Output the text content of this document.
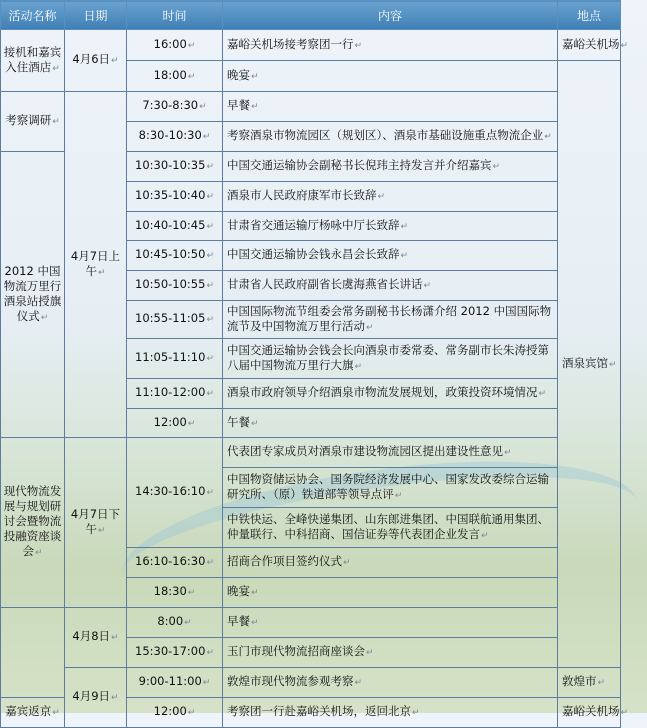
活动名称	日期	时间	内容	地点	
接机和嘉宾入住酒店↵	4月6日↵	16:00↵	嘉峪关机场接考察团一行↵	嘉峪关机场↵	
		18:00↵	晚宴↵	酒泉宾馆↵	
考察调研↵	4月7日上午↵	7:30-8:30↵	早餐↵		
		8:30-10:30↵	考察酒泉市物流园区（规划区）、酒泉市基础设施重点物流企业↵		
2012 中国物流万里行酒泉站授旗仪式↵		10:30-10:35↵	中国交通运输协会副秘书长倪玮主持发言并介绍嘉宾↵		
		10:35-10:40↵	酒泉市人民政府康军市长致辞↵		
		10:40-10:45↵	甘肃省交通运输厅杨咏中厅长致辞↵		
		10:45-10:50↵	中国交通运输协会钱永昌会长致辞↵		
		10:50-10:55↵	甘肃省人民政府副省长虞海燕省长讲话↵		
		10:55-11:05↵	中国国际物流节组委会常务副秘书长杨潇介绍 2012 中国国际物流节及中国物流万里行活动↵		
		11:05-11:10↵	中国交通运输协会钱会长向酒泉市委常委、常务副市长朱涛授第八届中国物流万里行大旗↵		
		11:10-12:00↵	酒泉市政府领导介绍酒泉市物流发展规划，政策投资环境情况↵		
		12:00↵	午餐↵		
现代物流发展与规划研讨会暨物流投融资座谈会↵	4月7日下午↵	14:30-16:10↵	代表团专家成员对酒泉市建设物流园区提出建设性意见↵		
			中国物资储运协会、国务院经济发展中心、国家发改委综合运输研究所、（原）铁道部等领导点评↵		
			中铁快运、全峰快递集团、山东郎进集团、中国联航通用集团、仲量联行、中科招商、国信证券等代表团企业发言↵		
		16:10-16:30↵	招商合作项目签约仪式↵		
		18:30↵	晚宴↵		
	4月8日↵	8:00↵	早餐↵		
		15:30-17:00↵	玉门市现代物流招商座谈会↵	
	4月9日↵	9:00-11:00↵	敦煌市现代物流参观考察↵	敦煌市↵	
嘉宾返京↵		12:00↵	考察团一行赴嘉峪关机场，返回北京↵	嘉峪关机场↵	
